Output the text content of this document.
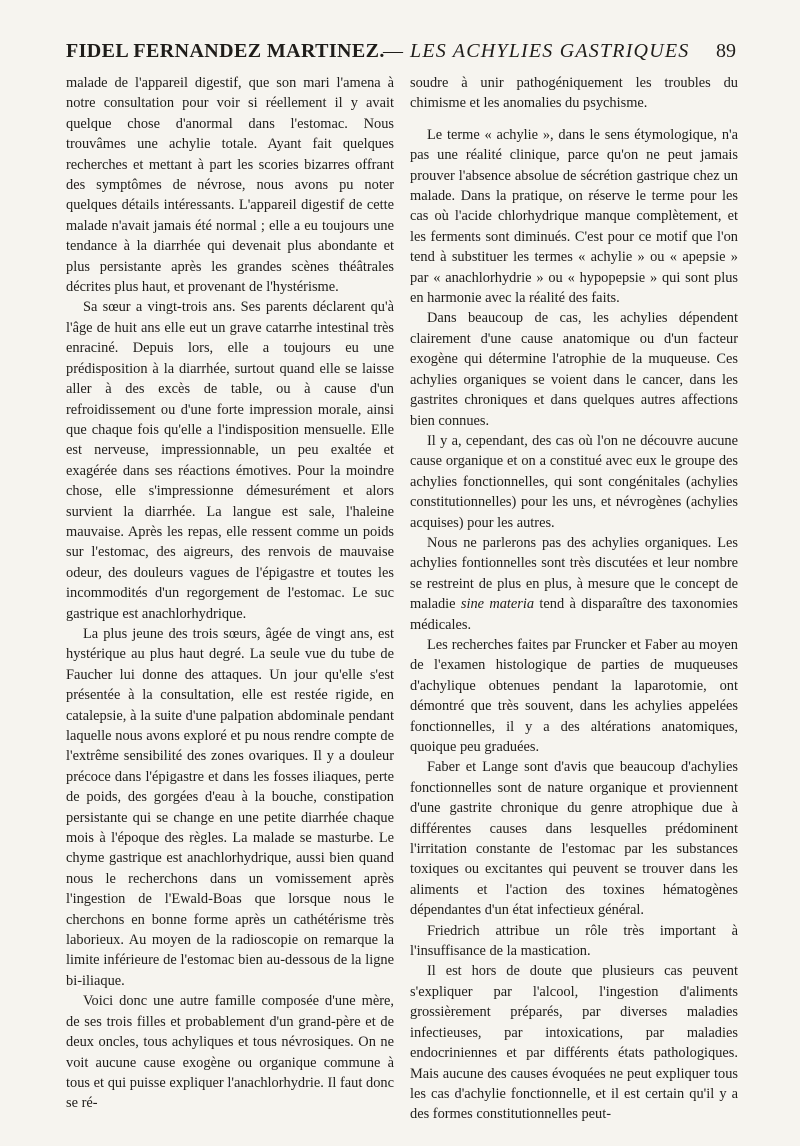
FIDEL FERNANDEZ MARTINEZ.
— LES ACHYLIES GASTRIQUES 89

malade de l'appareil digestif, que son mari l'amena à notre consultation pour voir si réellement il y avait quelque chose d'anormal dans l'estomac. Nous trouvâmes une achylie totale. Ayant fait quelques recherches et mettant à part les scories bizarres offrant des symptômes de névrose, nous avons pu noter quelques détails intéressants. L'appareil digestif de cette malade n'avait jamais été normal ; elle a eu toujours une tendance à la diarrhée qui devenait plus abondante et plus persistante après les grandes scènes théâtrales décrites plus haut, et provenant de l'hystérisme.

Sa sœur a vingt-trois ans. Ses parents déclarent qu'à l'âge de huit ans elle eut un grave catarrhe intestinal très enraciné. Depuis lors, elle a toujours eu une prédisposition à la diarrhée, surtout quand elle se laisse aller à des excès de table, ou à cause d'un refroidissement ou d'une forte impression morale, ainsi que chaque fois qu'elle a l'indisposition mensuelle. Elle est nerveuse, impressionnable, un peu exaltée et exagérée dans ses réactions émotives. Pour la moindre chose, elle s'impressionne démesurément et alors survient la diarrhée. La langue est sale, l'haleine mauvaise. Après les repas, elle ressent comme un poids sur l'estomac, des aigreurs, des renvois de mauvaise odeur, des douleurs vagues de l'épigastre et toutes les incommodités d'un regorgement de l'estomac. Le suc gastrique est anachlorhydrique.

La plus jeune des trois sœurs, âgée de vingt ans, est hystérique au plus haut degré. La seule vue du tube de Faucher lui donne des attaques. Un jour qu'elle s'est présentée à la consultation, elle est restée rigide, en catalepsie, à la suite d'une palpation abdominale pendant laquelle nous avons exploré et pu nous rendre compte de l'extrême sensibilité des zones ovariques. Il y a douleur précoce dans l'épigastre et dans les fosses iliaques, perte de poids, des gorgées d'eau à la bouche, constipation persistante qui se change en une petite diarrhée chaque mois à l'époque des règles. La malade se masturbe. Le chyme gastrique est anachlorhydrique, aussi bien quand nous le recherchons dans un vomissement après l'ingestion de l'Ewald-Boas que lorsque nous le cherchons en bonne forme après un cathétérisme très laborieux. Au moyen de la radioscopie on remarque la limite inférieure de l'estomac bien au-dessous de la ligne bi-iliaque.

Voici donc une autre famille composée d'une mère, de ses trois filles et probablement d'un grand-père et de deux oncles, tous achyliques et tous névrosiques. On ne voit aucune cause exogène ou organique commune à tous et qui puisse expliquer l'anachlorhydrie. Il faut donc se ré-

soudre à unir pathogéniquement les troubles du chimisme et les anomalies du psychisme.

Le terme « achylie », dans le sens étymologique, n'a pas une réalité clinique, parce qu'on ne peut jamais prouver l'absence absolue de sécrétion gastrique chez un malade. Dans la pratique, on réserve le terme pour les cas où l'acide chlorhydrique manque complètement, et les ferments sont diminués. C'est pour ce motif que l'on tend à substituer les termes « achylie » ou « apepsie » par « anachlorhydrie » ou « hypopepsie » qui sont plus en harmonie avec la réalité des faits.

Dans beaucoup de cas, les achylies dépendent clairement d'une cause anatomique ou d'un facteur exogène qui détermine l'atrophie de la muqueuse. Ces achylies organiques se voient dans le cancer, dans les gastrites chroniques et dans quelques autres affections bien connues.

Il y a, cependant, des cas où l'on ne découvre aucune cause organique et on a constitué avec eux le groupe des achylies fonctionnelles, qui sont congénitales (achylies constitutionnelles) pour les uns, et névrogènes (achylies acquises) pour les autres.

Nous ne parlerons pas des achylies organiques. Les achylies fontionnelles sont très discutées et leur nombre se restreint de plus en plus, à mesure que le concept de maladie sine materia tend à disparaître des taxonomies médicales.

Les recherches faites par Fruncker et Faber au moyen de l'examen histologique de parties de muqueuses d'achylique obtenues pendant la laparotomie, ont démontré que très souvent, dans les achylies appelées fonctionnelles, il y a des altérations anatomiques, quoique peu graduées.

Faber et Lange sont d'avis que beaucoup d'achylies fonctionnelles sont de nature organique et proviennent d'une gastrite chronique du genre atrophique due à différentes causes dans lesquelles prédominent l'irritation constante de l'estomac par les substances toxiques ou excitantes qui peuvent se trouver dans les aliments et l'action des toxines hématogènes dépendantes d'un état infectieux général.

Friedrich attribue un rôle très important à l'insuffisance de la mastication.

Il est hors de doute que plusieurs cas peuvent s'expliquer par l'alcool, l'ingestion d'aliments grossièrement préparés, par diverses maladies infectieuses, par intoxications, par maladies endocriniennes et par différents états pathologiques. Mais aucune des causes évoquées ne peut expliquer tous les cas d'achylie fonctionnelle, et il est certain qu'il y a des formes constitutionnelles peut-
